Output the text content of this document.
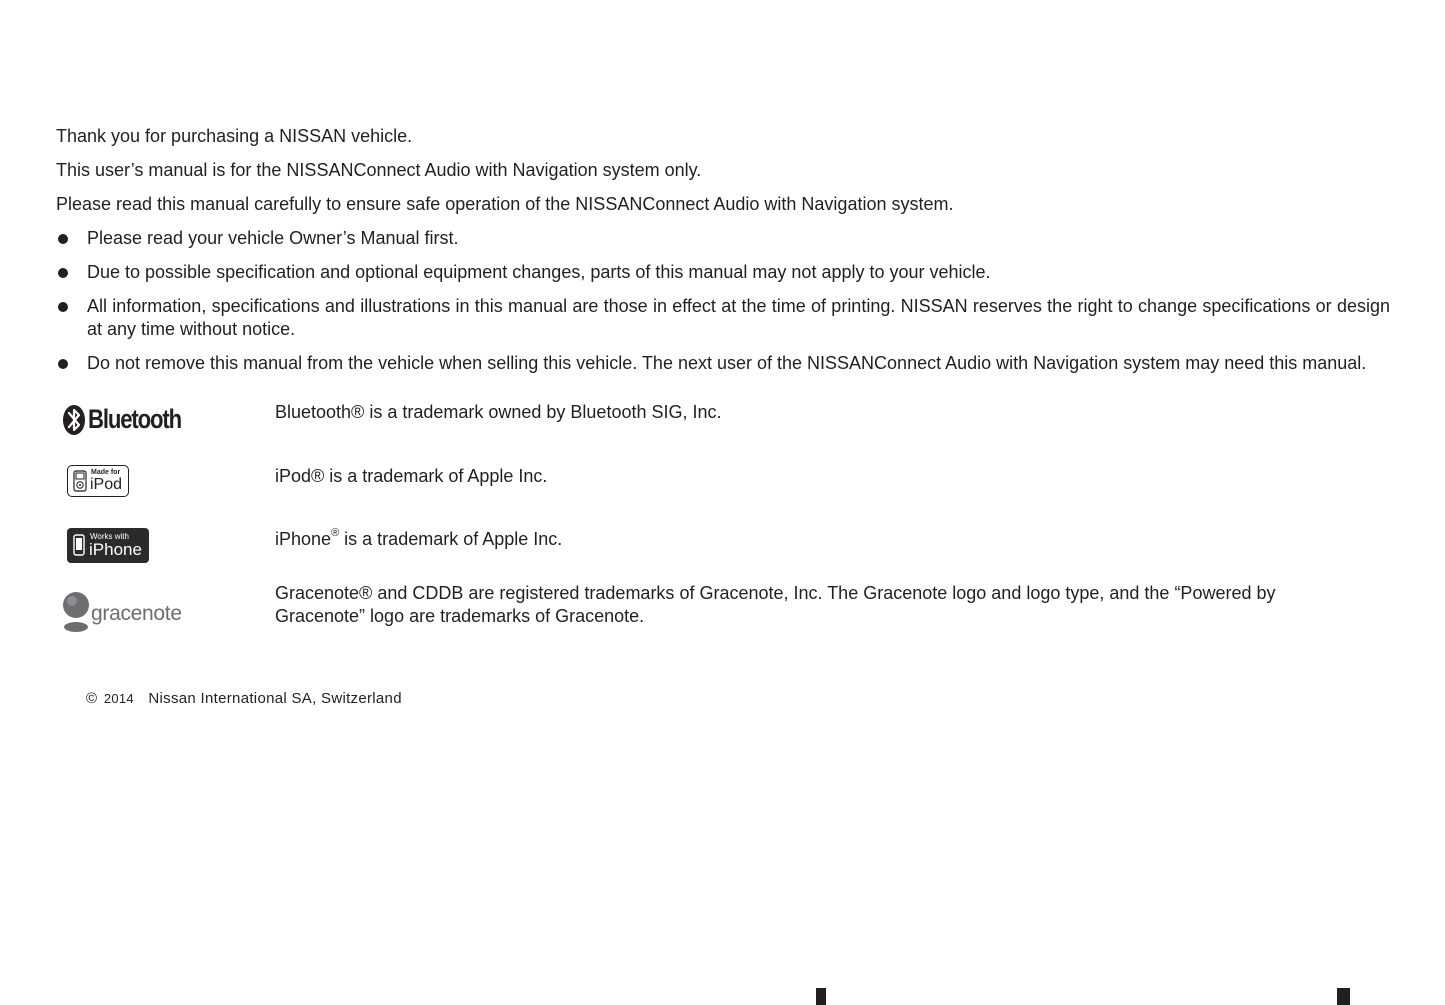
Thank you for purchasing a NISSAN vehicle.

This user’s manual is for the NISSANConnect Audio with Navigation system only.

Please read this manual carefully to ensure safe operation of the NISSANConnect Audio with Navigation system.

Please read your vehicle Owner’s Manual first.
Due to possible specification and optional equipment changes, parts of this manual may not apply to your vehicle.
All information, specifications and illustrations in this manual are those in effect at the time of printing. NISSAN reserves the right to change specifications or design at any time without notice.
Do not remove this manual from the vehicle when selling this vehicle. The next user of the NISSANConnect Audio with Navigation system may need this manual.
Bluetooth	Bluetooth® is a trademark owned by Bluetooth SIG, Inc.
Made for
iPod	iPod® is a trademark of Apple Inc.
Works with
iPhone
iPhone® is a trademark of Apple Inc.
gracenote
Gracenote® and CDDB are registered trademarks of Gracenote, Inc. The Gracenote logo and logo type, and the “Powered by Gracenote” logo are trademarks of Gracenote.
© 2014 Nissan International SA, Switzerland
